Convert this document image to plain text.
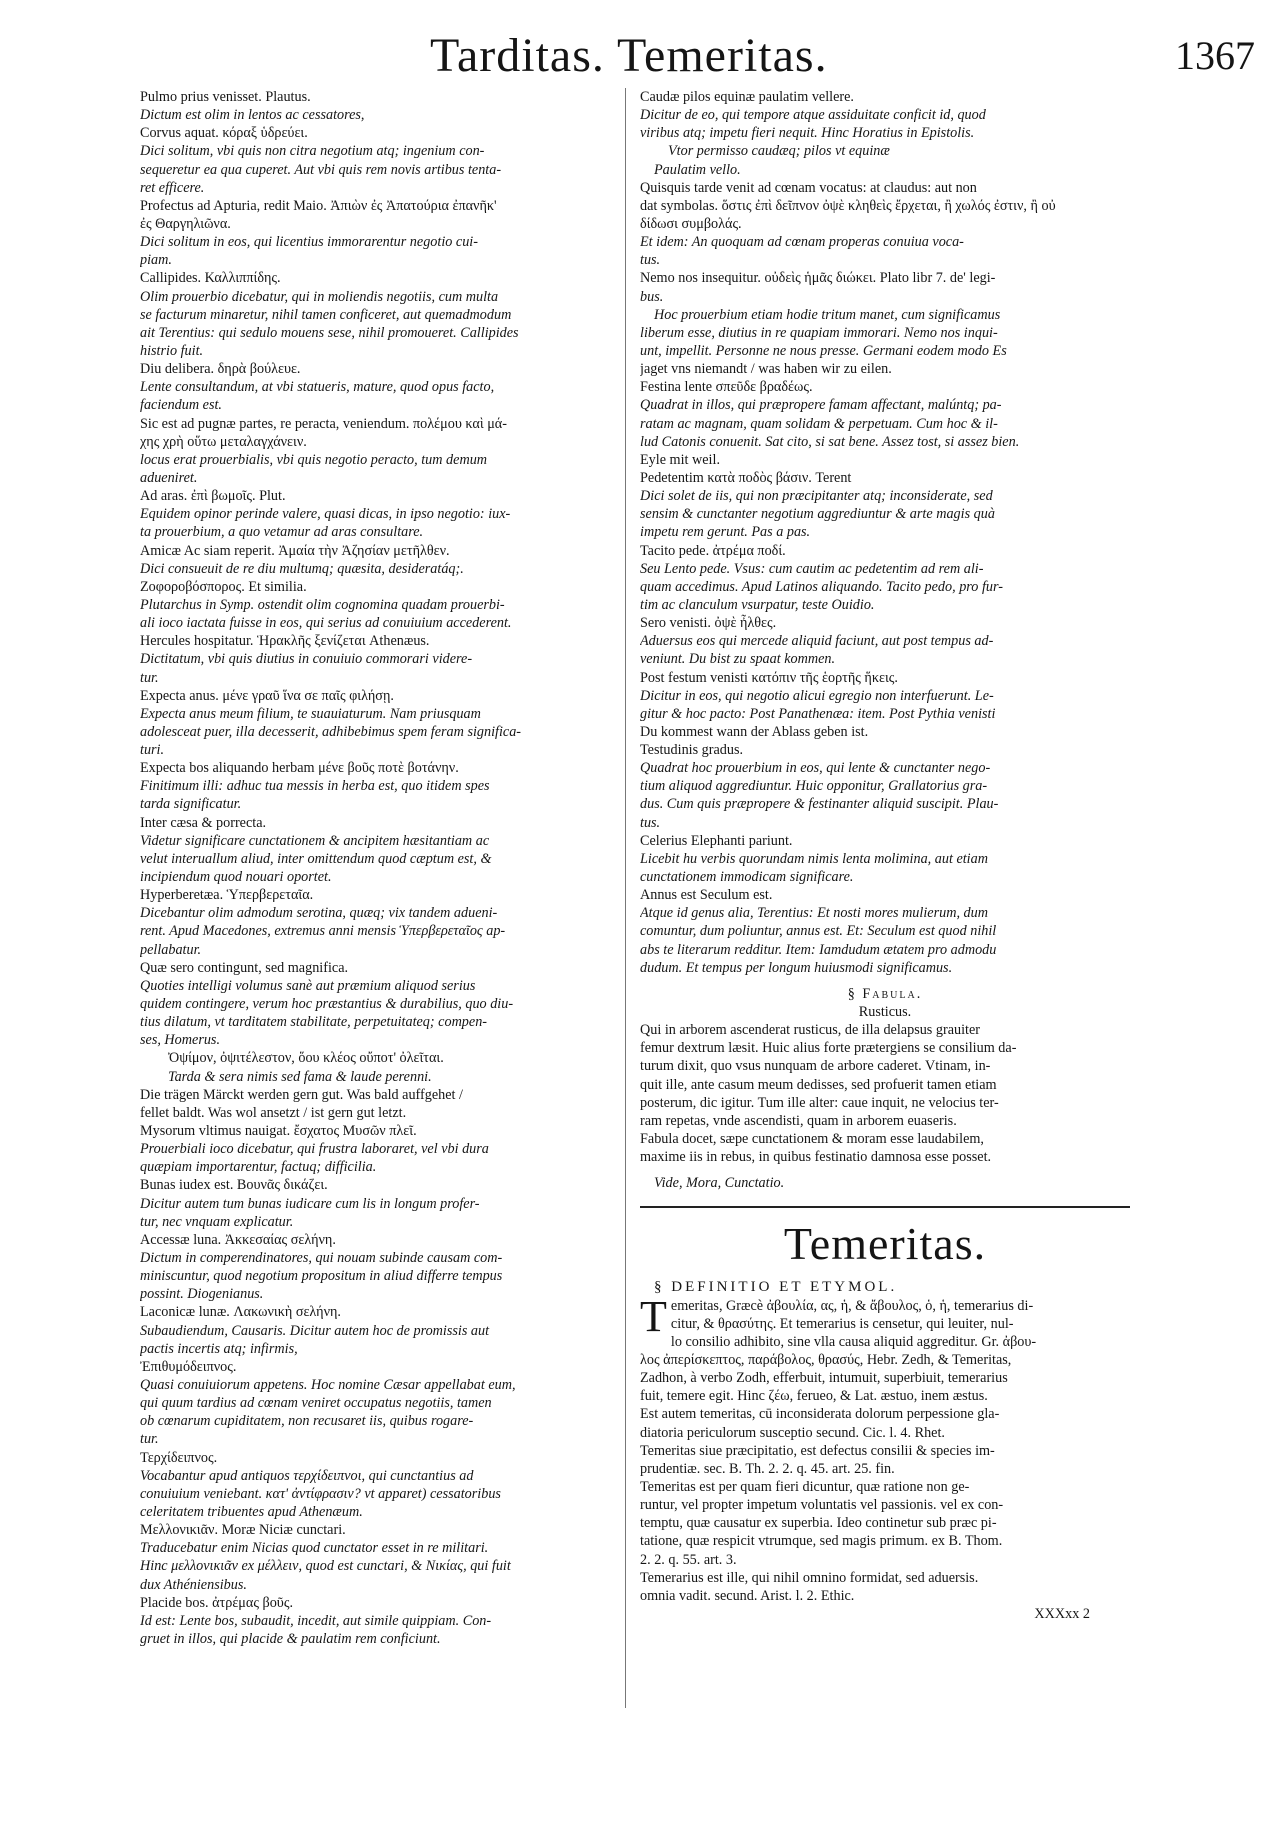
Tarditas. Temeritas.	1367
Pulmo prius venisset. Plautus.
Dictum est olim in lentos ac cessatores,
Corvus aquat. κόραξ ὑδρεύει.
Dici solitum, vbi quis non citra negotium atq; ingenium con-
sequeretur ea qua cuperet. Aut vbi quis rem novis artibus tenta-
ret efficere.
Profectus ad Apturia, redit Maio. Ἀπιὼν ἐς Ἀπατούρια ἐπανῆκ'
ἐς Θαργηλιῶνα.
Dici solitum in eos, qui licentius immorarentur negotio cui-
piam.
Callipides. Καλλιππίδης.
Olim prouerbio dicebatur, qui in moliendis negotiis, cum multa
se facturum minaretur, nihil tamen conficeret, aut quemadmodum
ait Terentius: qui sedulo mouens sese, nihil promoueret. Callipides
histrio fuit.
Diu delibera. δηρὰ βούλευε.
Lente consultandum, at vbi statueris, mature, quod opus facto,
faciendum est.
Sic est ad pugnæ partes, re peracta, veniendum. πολέμου καὶ μά-
χης χρὴ οὕτω μεταλαγχάνειν.
locus erat prouerbialis, vbi quis negotio peracto, tum demum
adueniret.
Ad aras. ἐπὶ βωμοῖς. Plut.
Equidem opinor perinde valere, quasi dicas, in ipso negotio: iux-
ta prouerbium, a quo vetamur ad aras consultare.
Amicæ Ac siam reperit. Ἀμαία τὴν Ἀζησίαν μετῆλθεν.
Dici consueuit de re diu multumq; quæsita, desideratáq;.
Ζοφοροβόσπορος. Et similia.
Plutarchus in Symp. ostendit olim cognomina quadam prouerbi-
ali ioco iactata fuisse in eos, qui serius ad conuiuium accederent.
Hercules hospitatur. Ἡρακλῆς ξενίζεται Athenæus.
Dictitatum, vbi quis diutius in conuiuio commorari videre-
tur.
Expecta anus. μένε γραῦ ἵνα σε παῖς φιλήσῃ.
Expecta anus meum filium, te suauiaturum. Nam priusquam
adolesceat puer, illa decesserit, adhibebimus spem feram significa-
turi.
Expecta bos aliquando herbam μένε βοῦς ποτὲ βοτάνην.
Finitimum illi: adhuc tua messis in herba est, quo itidem spes
tarda significatur.
Inter cæsa & porrecta.
Videtur significare cunctationem & ancipitem hæsitantiam ac
velut interuallum aliud, inter omittendum quod cæptum est, &
incipiendum quod nouari oportet.
Hyperberetæa. Ὑπερβερεταῖα.
Dicebantur olim admodum serotina, quæq; vix tandem adueni-
rent. Apud Macedones, extremus anni mensis Ὑπερβερεταῖος ap-
pellabatur.
Quæ sero contingunt, sed magnifica.
Quoties intelligi volumus sanè aut præmium aliquod serius
quidem contingere, verum hoc præstantius & durabilius, quo diu-
tius dilatum, vt tarditatem stabilitate, perpetuitateq; compen-
ses, Homerus.
Ὀψίμον, ὀψιτέλεστον, ὅου κλέος οὔποτ' ὀλεῖται.
Tarda & sera nimis sed fama & laude perenni.
Die trägen Märckt werden gern gut. Was bald auffgehet /
fellet baldt. Was wol ansetzt / ist gern gut letzt.
Mysorum vltimus nauigat. ἔσχατος Μυσῶν πλεῖ.
Prouerbiali ioco dicebatur, qui frustra laboraret, vel vbi dura
quæpiam importarentur, factuq; difficilia.
Bunas iudex est. Βουνᾶς δικάζει.
Dicitur autem tum bunas iudicare cum lis in longum profer-
tur, nec vnquam explicatur.
Accessæ luna. Ἀκκεσαίας σελήνη.
Dictum in comperendinatores, qui nouam subinde causam com-
miniscuntur, quod negotium propositum in aliud differre tempus
possint. Diogenianus.
Laconicæ lunæ. Λακωνικὴ σελήνη.
Subaudiendum, Causaris. Dicitur autem hoc de promissis aut
pactis incertis atq; infirmis,
Ἐπιθυμόδειπνος.
Quasi conuiuiorum appetens. Hoc nomine Cæsar appellabat eum,
qui quum tardius ad cœnam veniret occupatus negotiis, tamen
ob cœnarum cupiditatem, non recusaret iis, quibus rogare-
tur.
Τερχίδειπνος.
Vocabantur apud antiquos τερχίδειπνοι, qui cunctantius ad
conuiuium veniebant. κατ' ἀντίφρασιν? vt apparet) cessatoribus
celeritatem tribuentes apud Athenæum.
Μελλονικιᾶν. Moræ Niciæ cunctari.
Traducebatur enim Nicias quod cunctator esset in re militari.
Hinc μελλονικιᾶν ex μέλλειν, quod est cunctari, & Νικίας, qui fuit
dux Athéniensibus.
Placide bos. ἀτρέμας βοῦς.
Id est: Lente bos, subaudit, incedit, aut simile quippiam. Con-
gruet in illos, qui placide & paulatim rem conficiunt.
Caudæ pilos equinæ paulatim vellere.
Dicitur de eo, qui tempore atque assiduitate conficit id, quod
viribus atq; impetu fieri nequit. Hinc Horatius in Epistolis.
Vtor permisso caudæq; pilos vt equinæ
Paulatim vello.
Quisquis tarde venit ad cœnam vocatus: at claudus: aut non
dat symbolas. ὅστις ἐπὶ δεῖπνον ὀψὲ κληθεὶς ἔρχεται, ἢ χωλός ἐστιν, ἢ οὐ
δίδωσι συμβολάς.
Et idem: An quoquam ad cœnam properas conuiua voca-
tus.
Nemo nos insequitur. οὐδεὶς ἡμᾶς διώκει. Plato libr 7. de' legi-
bus.
Hoc prouerbium etiam hodie tritum manet, cum significamus
liberum esse, diutius in re quapiam immorari. Nemo nos inqui-
unt, impellit. Personne ne nous presse. Germani eodem modo Es
jaget vns niemandt / was haben wir zu eilen.
Festina lente σπεῦδε βραδέως.
Quadrat in illos, qui præpropere famam affectant, malúntq; pa-
ratam ac magnam, quam solidam & perpetuam. Cum hoc & il-
lud Catonis conuenit. Sat cito, si sat bene. Assez tost, si assez bien.
Eyle mit weil.
Pedetentim κατὰ ποδὸς βάσιν. Terent
Dici solet de iis, qui non præcipitanter atq; inconsiderate, sed
sensim & cunctanter negotium aggrediuntur & arte magis quà
impetu rem gerunt. Pas a pas.
Tacito pede. ἀτρέμα ποδί.
Seu Lento pede. Vsus: cum cautim ac pedetentim ad rem ali-
quam accedimus. Apud Latinos aliquando. Tacito pedo, pro fur-
tim ac clanculum vsurpatur, teste Ouidio.
Sero venisti. ὀψὲ ἦλθες.
Aduersus eos qui mercede aliquid faciunt, aut post tempus ad-
veniunt. Du bist zu spaat kommen.
Post festum venisti κατόπιν τῆς ἑορτῆς ἥκεις.
Dicitur in eos, qui negotio alicui egregio non interfuerunt. Le-
gitur & hoc pacto: Post Panathenæa: item. Post Pythia venisti
Du kommest wann der Ablass geben ist.
Testudinis gradus.
Quadrat hoc prouerbium in eos, qui lente & cunctanter nego-
tium aliquod aggrediuntur. Huic opponitur, Grallatorius gra-
dus. Cum quis præpropere & festinanter aliquid suscipit. Plau-
tus.
Celerius Elephanti pariunt.
Licebit hu verbis quorundam nimis lenta molimina, aut etiam
cunctationem immodicam significare.
Annus est Seculum est.
Atque id genus alia, Terentius: Et nosti mores mulierum, dum
comuntur, dum poliuntur, annus est. Et: Seculum est quod nihil
abs te literarum redditur. Item: Iamdudum ætatem pro admodu
dudum. Et tempus per longum huiusmodi significamus.
§ Fabula.
Rusticus.
Qui in arborem ascenderat rusticus, de illa delapsus grauiter
femur dextrum læsit. Huic alius forte prætergiens se consilium da-
turum dixit, quo vsus nunquam de arbore caderet. Vtinam, in-
quit ille, ante casum meum dedisses, sed profuerit tamen etiam
posterum, dic igitur. Tum ille alter: caue inquit, ne velocius ter-
ram repetas, vnde ascendisti, quam in arborem euaseris.
Fabula docet, sæpe cunctationem & moram esse laudabilem,
maxime iis in rebus, in quibus festinatio damnosa esse posset.
Vide, Mora, Cunctatio.
Temeritas.
§ DEFINITIO ET ETYMOL.
T emeritas, Græcè ἀβουλία, ας, ἡ, & ἄβουλος, ὁ, ἡ, temerarius di-
citur, & θρασύτης. Et temerarius is censetur, qui leuiter, nul-
lo consilio adhibito, sine vlla causa aliquid aggreditur. Gr. ἀβου-
λος ἀπερίσκεπτος, παράβολος, θρασύς, Hebr. Zedh, & Temeritas,
Zadhon, à verbo Zodh, efferbuit, intumuit, superbiuit, temerarius
fuit, temere egit. Hinc ζέω, ferueo, & Lat. æstuo, inem æstus.
Est autem temeritas, cū inconsiderata dolorum perpessione gla-
diatoria periculorum susceptio secund. Cic. l. 4. Rhet.
Temeritas siue præcipitatio, est defectus consilii & species im-
prudentiæ. sec. B. Th. 2. 2. q. 45. art. 25. fin.
Temeritas est per quam fieri dicuntur, quæ ratione non ge-
runtur, vel propter impetum voluntatis vel passionis. vel ex con-
temptu, quæ causatur ex superbia. Ideo continetur sub præc pi-
tatione, quæ respicit vtrumque, sed magis primum. ex B. Thom.
2. 2. q. 55. art. 3.
Temerarius est ille, qui nihil omnino formidat, sed aduersis.
omnia vadit. secund. Arist. l. 2. Ethic.
XXXxx 2
